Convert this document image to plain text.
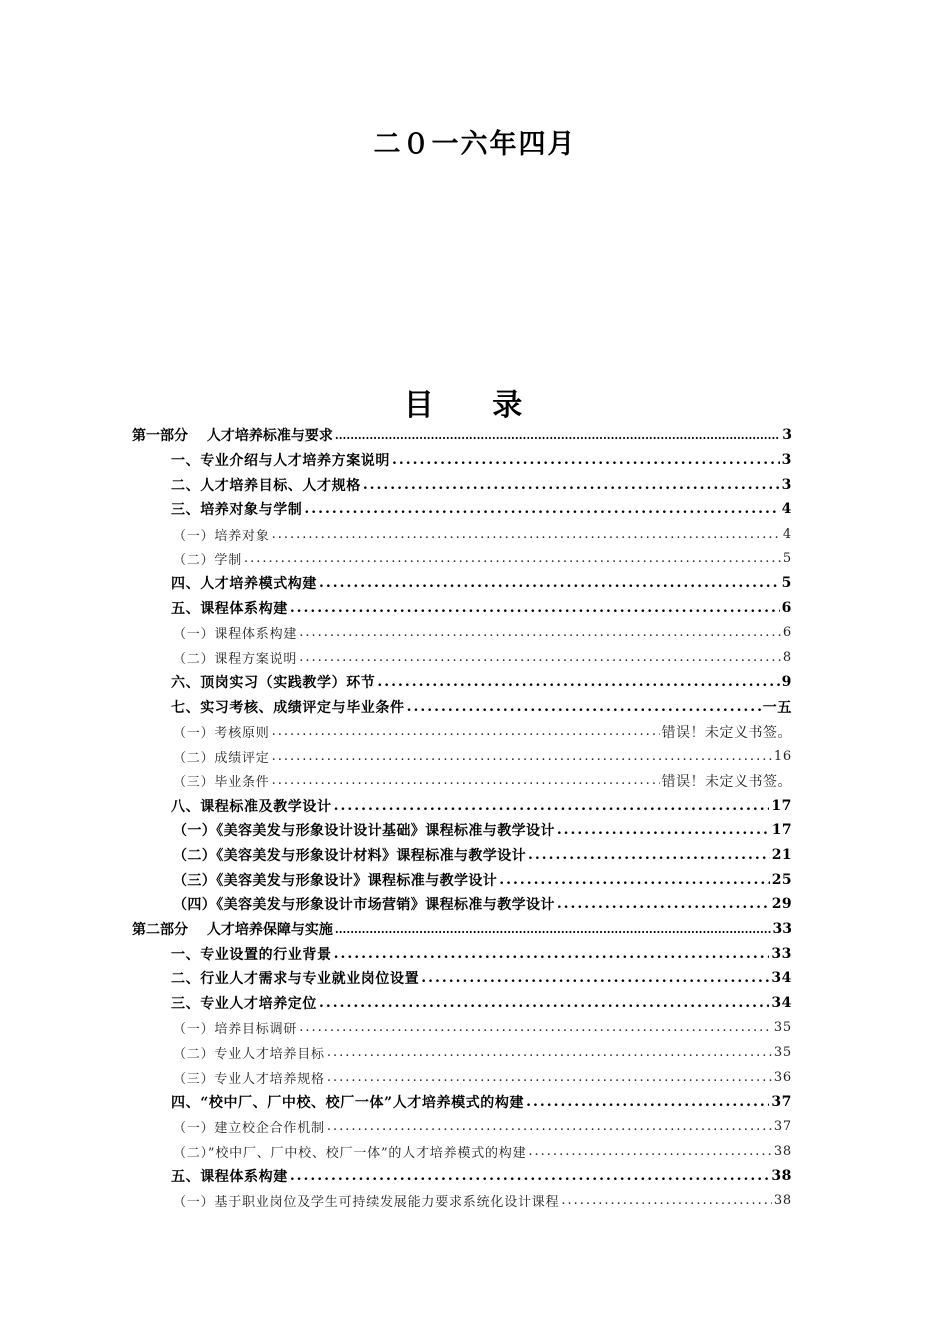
二０一六年四月
目 录
第一部分　 人才培养标准与要求 .....	3
一、专业介绍与人才培养方案说明 .....	3
二、人才培养目标、人才规格 .....	3
三、培养对象与学制 .....	4
（一）培养对象 .....	4
（二）学制 .....	5
四、人才培养模式构建 .....	5
五、课程体系构建 .....	6
（一）课程体系构建 .....	6
（二）课程方案说明 .....	8
六、顶岗实习（实践教学）环节 .....	9
七、实习考核、成绩评定与毕业条件 .....	一五
（一）考核原则 .....	错误！未定义书签。
（二）成绩评定 .....	16
（三）毕业条件 .....	错误！未定义书签。
八、课程标准及教学设计 .....	17
（一）《美容美发与形象设计设计基础》课程标准与教学设计 .....	17
（二）《美容美发与形象设计材料》课程标准与教学设计 .....	21
（三）《美容美发与形象设计》课程标准与教学设计 .....	25
（四）《美容美发与形象设计市场营销》课程标准与教学设计 .....	29
第二部分　 人才培养保障与实施 .....	33
一、专业设置的行业背景 .....	33
二、行业人才需求与专业就业岗位设置 .....	34
三、专业人才培养定位 .....	34
（一）培养目标调研 .....	35
（二）专业人才培养目标 .....	35
（三）专业人才培养规格 .....	36
四、“校中厂、厂中校、校厂一体”人才培养模式的构建 .....	37
（一）建立校企合作机制 .....	37
（二）”校中厂、厂中校、校厂一体”的人才培养模式的构建 .....	38
五、课程体系构建 .....	38
（一）基于职业岗位及学生可持续发展能力要求系统化设计课程 .....	38
